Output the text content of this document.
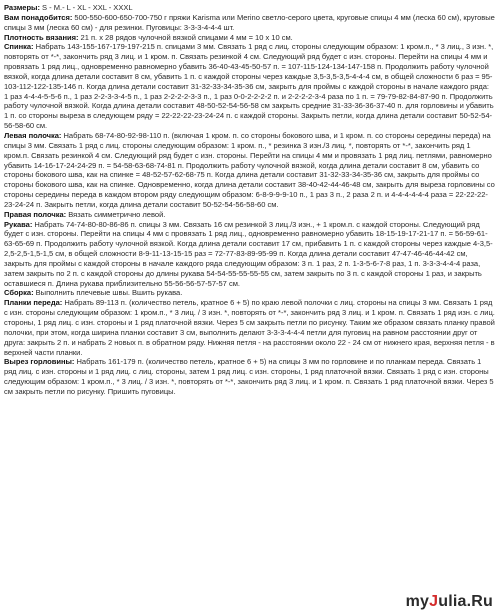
Размеры: S - M.- L - XL - XXL - XXXL

Вам понадобится: 500-550-600-650-700-750 г пряжи Karisma или Merino светло-серого цвета, круговые спицы 4 мм (леска 60 см), круговые спицы 3 мм (леска 60 см) - для резинки. Пуговицы: 3-3-3-4-4-4 шт.

Плотность вязания: 21 п. х 28 рядов чулочной вязкой спицами 4 мм = 10 х 10 см.

Спинка: Набрать 143-155-167-179-197-215 п. спицами 3 мм. Связать 1 ряд с лиц. стороны следующим образом: 1 кром.п., * 3 лиц., 3 изн. *, повторять от *-*, закончить ряд 3 лиц. и 1 кром. п. Связать резинкой 4 см. Следующий ряд будет с изн. стороны. Перейти на спицы 4 мм и провязать 1 ряд лиц., одновременно равномерно убавить 36-40-43-45-50-57 п. = 107-115-124-134-147-158 п. Продолжить работу чулочной вязкой, когда длина детали составит 8 см, убавить 1 п. с каждой стороны через каждые 3,5-3,5-3,5-4-4-4 см, в общей сложности 6 раз = 95-103-112-122-135-146 п. Когда длина детали составит 31-32-33-34-35-36 см, закрыть для проймы с каждой стороны в начале каждого ряда: 1 раз 4-4-4-5-5-6 п., 1 раз 2-2-3-3-4-5 п., 1 раз 2-2-2-2-3-3 п., 1 раз 0-0-2-2-2-2 п. и 2-2-2-2-3-4 раза по 1 п. = 79-79-82-84-87-90 п. Продолжить работу чулочной вязкой. Когда длина детали составит 48-50-52-54-56-58 см закрыть средние 31-33-36-36-37-40 п. для горловины и убавить 1 п. со стороны выреза в следующем ряду = 22-22-22-23-24-24 п. с каждой стороны. Закрыть петли, когда длина детали составит 50-52-54-56-58-60 см.

Левая полочка: Набрать 68-74-80-92-98-110 п. (включая 1 кром. п. со стороны бокового шва, и 1 кром. п. со стороны середины переда) на спицы 3 мм. Связать 1 ряд с лиц. стороны следующим образом: 1 кром. п., * резинка 3 изн./3 лиц. *, повторять от *-*, закончить ряд 1 кром.п. Связать резинкой 4 см. Следующий ряд будет с изн. стороны. Перейти на спицы 4 мм и провязать 1 ряд лиц. петлями, равномерно убавить 14-16-17-24-24-29 п. = 54-58-63-68-74-81 п. Продолжить работу чулочной вязкой, когда длина детали составит 8 см, убавить со стороны бокового шва, как на спинке = 48-52-57-62-68-75 п. Когда длина детали составит 31-32-33-34-35-36 см, закрыть для проймы со стороны бокового шва, как на спинке. Одновременно, когда длина детали составит 38-40-42-44-46-48 см, закрыть для выреза горловины со стороны середины переда в каждом втором ряду следующим образом: 6-8-9-9-9-10 п., 1 раз 3 п., 2 раза 2 п. и 4-4-4-4-4-4 раза = 22-22-22-23-24-24 п. Закрыть петли, когда длина детали составит 50-52-54-56-58-60 см.

Правая полочка: Вязать симметрично левой.

Рукава: Набрать 74-74-80-80-86-86 п. спицы 3 мм. Связать 16 см резинкой 3 лиц./3 изн., + 1 кром.п. с каждой стороны. Следующий ряд будет с изн. стороны. Перейти на спицы 4 мм с провязать 1 ряд лиц., одновременно равномерно убавить 18-15-19-17-21-17 п. = 56-59-61-63-65-69 п. Продолжить работу чулочной вязкой. Когда длина детали составит 17 см, прибавить 1 п. с каждой стороны через каждые 4-3,5-2,5-2,5-1,5-1,5 см, в общей сложности 8-9-11-13-15-15 раз = 72-77-83-89-95-99 п. Когда длина детали составит 47-47-46-46-44-42 см, закрыть для проймы с каждой стороны в начале каждого ряда следующим образом: 3 п. 1 раз, 2 п. 1-3-5-6-7-8 раз, 1 п. 3-3-3-4-4-4 раза, затем закрыть по 2 п. с каждой стороны до длины рукава 54-54-55-55-55-55 см, затем закрыть по 3 п. с каждой стороны 1 раз, и закрыть оставшиеся п. Длина рукава приблизительно 55-56-56-57-57-57 см.

Сборка: Выполнить плечевые швы. Вшить рукава.

Планки переда: Набрать 89-113 п. (количество петель, кратное 6 + 5) по краю левой полочки с лиц. стороны на спицы 3 мм. Связать 1 ряд с изн. стороны следующим образом: 1 кром.п., * 3 лиц. / 3 изн. *, повторять от *-*, закончить ряд 3 лиц. и 1 кром. п. Связать 1 ряд изн. с лиц. стороны, 1 ряд лиц. с изн. стороны и 1 ряд платочной вязки. Через 5 см закрыть петли по рисунку. Таким же образом связать планку правой полочки, при этом, когда ширина планки составит 3 см, выполнить делают 3-3-3-4-4-4 петли для пуговиц на равном расстоянии друг от друга: закрыть 2 п. и набрать 2 новых п. в обратном ряду. Нижняя петля - на расстоянии около 22 - 24 см от нижнего края, верхняя петля - в верхней части планки.

Вырез горловины: Набрать 161-179 п. (количество петель, кратное 6 + 5) на спицы 3 мм по горловине и по планкам переда. Связать 1 ряд лиц. с изн. стороны и 1 ряд лиц. с лиц. стороны, затем 1 ряд лиц. с изн. стороны, 1 ряд платочной вязки. Связать 1 ряд с изн. стороны следующим образом: 1 кром.п., * 3 лиц. / 3 изн. *, повторять от *-*, закончить ряд 3 лиц. и 1 кром. п. Связать 1 ряд платочной вязки. Через 5 см закрыть петли по рисунку. Пришить пуговицы.

myJulia.Ru
